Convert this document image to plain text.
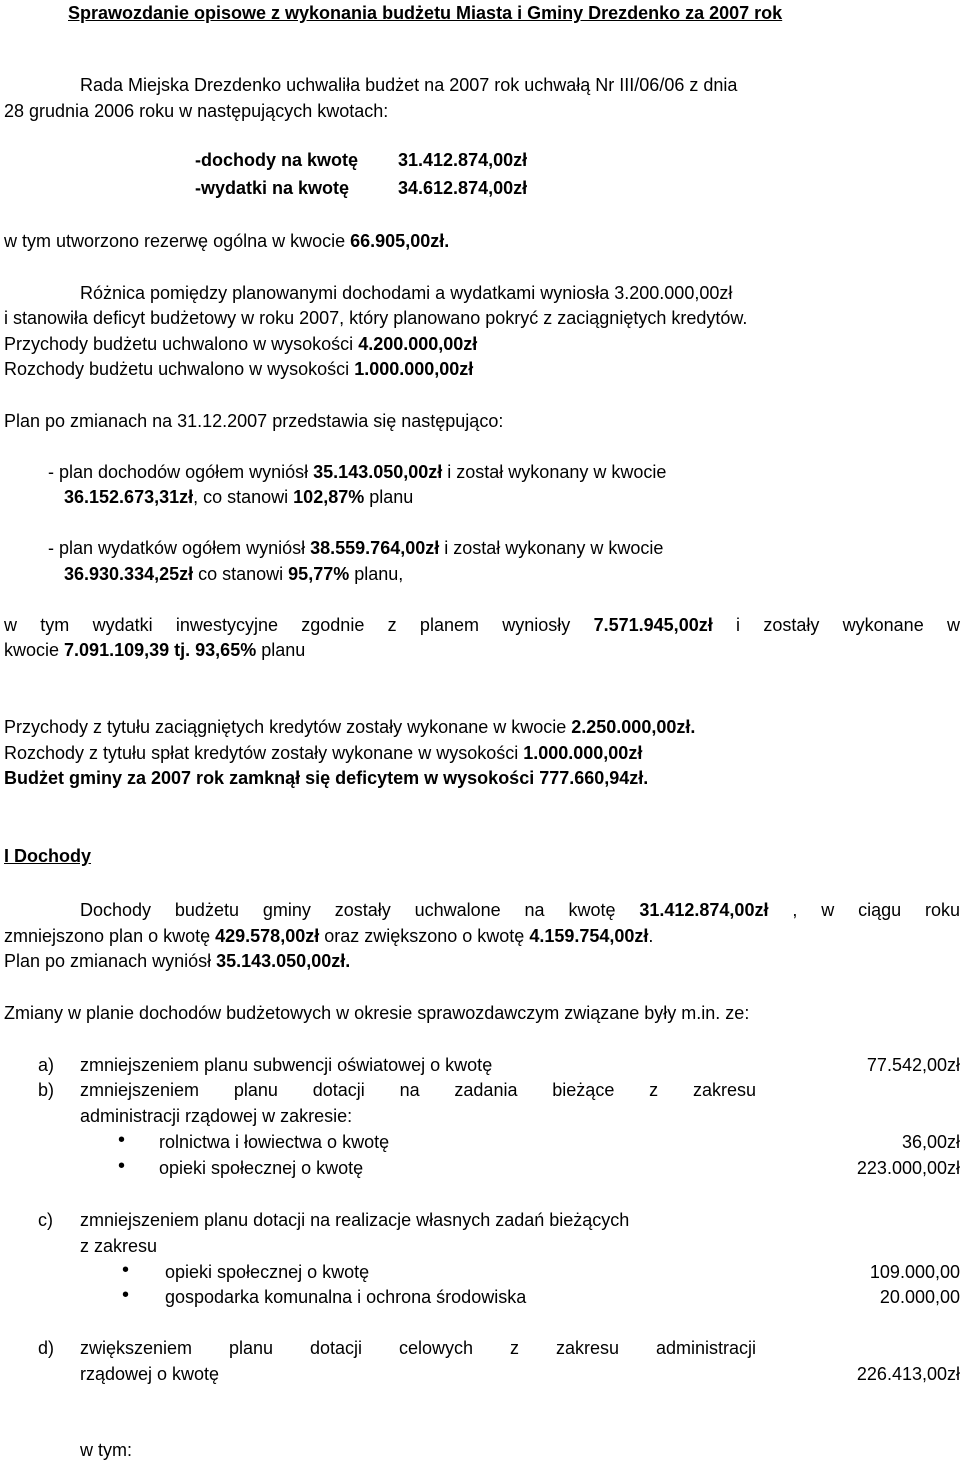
Sprawozdanie opisowe z wykonania budżetu Miasta i Gminy Drezdenko za 2007 rok
Rada Miejska Drezdenko uchwaliła budżet na 2007 rok uchwałą Nr III/06/06 z dnia
28 grudnia 2006 roku w następujących kwotach:
-dochody na kwotę 31.412.874,00zł
-wydatki na kwotę	34.612.874,00zł
w tym utworzono rezerwę ogólna w kwocie 66.905,00zł.
Różnica pomiędzy planowanymi dochodami a wydatkami wyniosła 3.200.000,00zł
i stanowiła deficyt budżetowy w roku 2007, który planowano pokryć z zaciągniętych kredytów.
Przychody budżetu uchwalono w wysokości 4.200.000,00zł
Rozchody budżetu uchwalono w wysokości 1.000.000,00zł
Plan po zmianach na 31.12.2007 przedstawia się następująco:
- plan dochodów ogółem wyniósł 35.143.050,00zł i został wykonany w kwocie
36.152.673,31zł, co stanowi 102,87% planu
- plan wydatków ogółem wyniósł 38.559.764,00zł i został wykonany w kwocie
36.930.334,25zł co stanowi 95,77% planu,
w tym wydatki inwestycyjne zgodnie z planem wyniosły 7.571.945,00zł i zostały wykonane w
kwocie 7.091.109,39 tj. 93,65% planu
Przychody z tytułu zaciągniętych kredytów zostały wykonane w kwocie 2.250.000,00zł.
Rozchody z tytułu spłat kredytów zostały wykonane w wysokości 1.000.000,00zł
Budżet gminy za 2007 rok zamknął się deficytem w wysokości 777.660,94zł.
I Dochody
Dochody budżetu gminy zostały uchwalone na kwotę 31.412.874,00zł , w ciągu roku
zmniejszono plan o kwotę 429.578,00zł oraz zwiększono o kwotę 4.159.754,00zł.
Plan po zmianach wyniósł 35.143.050,00zł.
Zmiany w planie dochodów budżetowych w okresie sprawozdawczym związane były m.in. ze:
a) zmniejszeniem planu subwencji oświatowej o kwotę	77.542,00zł
b) zmniejszeniem planu dotacji na zadania bieżące z zakresu
administracji rządowej w zakresie:
• rolnictwa i łowiectwa o kwotę	36,00zł
• opieki społecznej o kwotę	223.000,00zł
c) zmniejszeniem planu dotacji na realizacje własnych zadań bieżących
z zakresu
• opieki społecznej o kwotę	109.000,00
• gospodarka komunalna i ochrona środowiska	20.000,00
d) zwiększeniem planu dotacji celowych z zakresu administracji
rządowej o kwotę	226.413,00zł
w tym:
